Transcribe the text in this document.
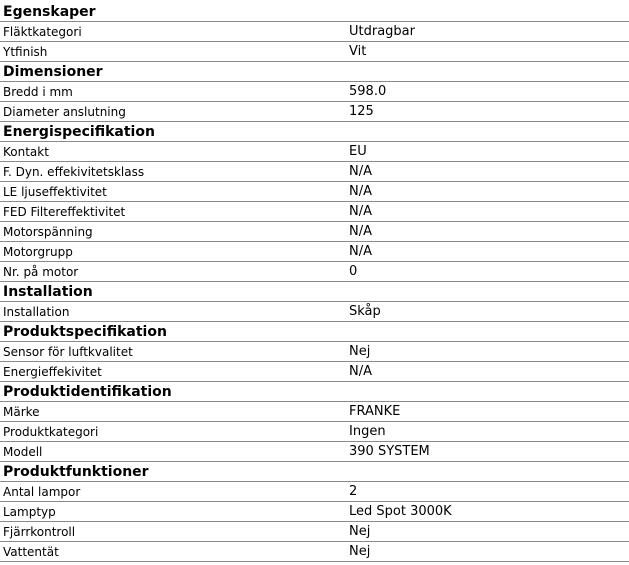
Egenskaper
Fläktkategori	Utdragbar
Ytfinish	Vit
Dimensioner
Bredd i mm	598.0
Diameter anslutning	125
Energispecifikation
Kontakt	EU
F. Dyn. effekivitetsklass	N/A
LE ljuseffektivitet	N/A
FED Filtereffektivitet	N/A
Motorspänning	N/A
Motorgrupp	N/A
Nr. på motor	0
Installation
Installation	Skåp
Produktspecifikation
Sensor för luftkvalitet	Nej
Energieffekivitet	N/A
Produktidentifikation
Märke	FRANKE
Produktkategori	Ingen
Modell	390 SYSTEM
Produktfunktioner
Antal lampor	2
Lamptyp	Led Spot 3000K
Fjärrkontroll	Nej
Vattentät	Nej
